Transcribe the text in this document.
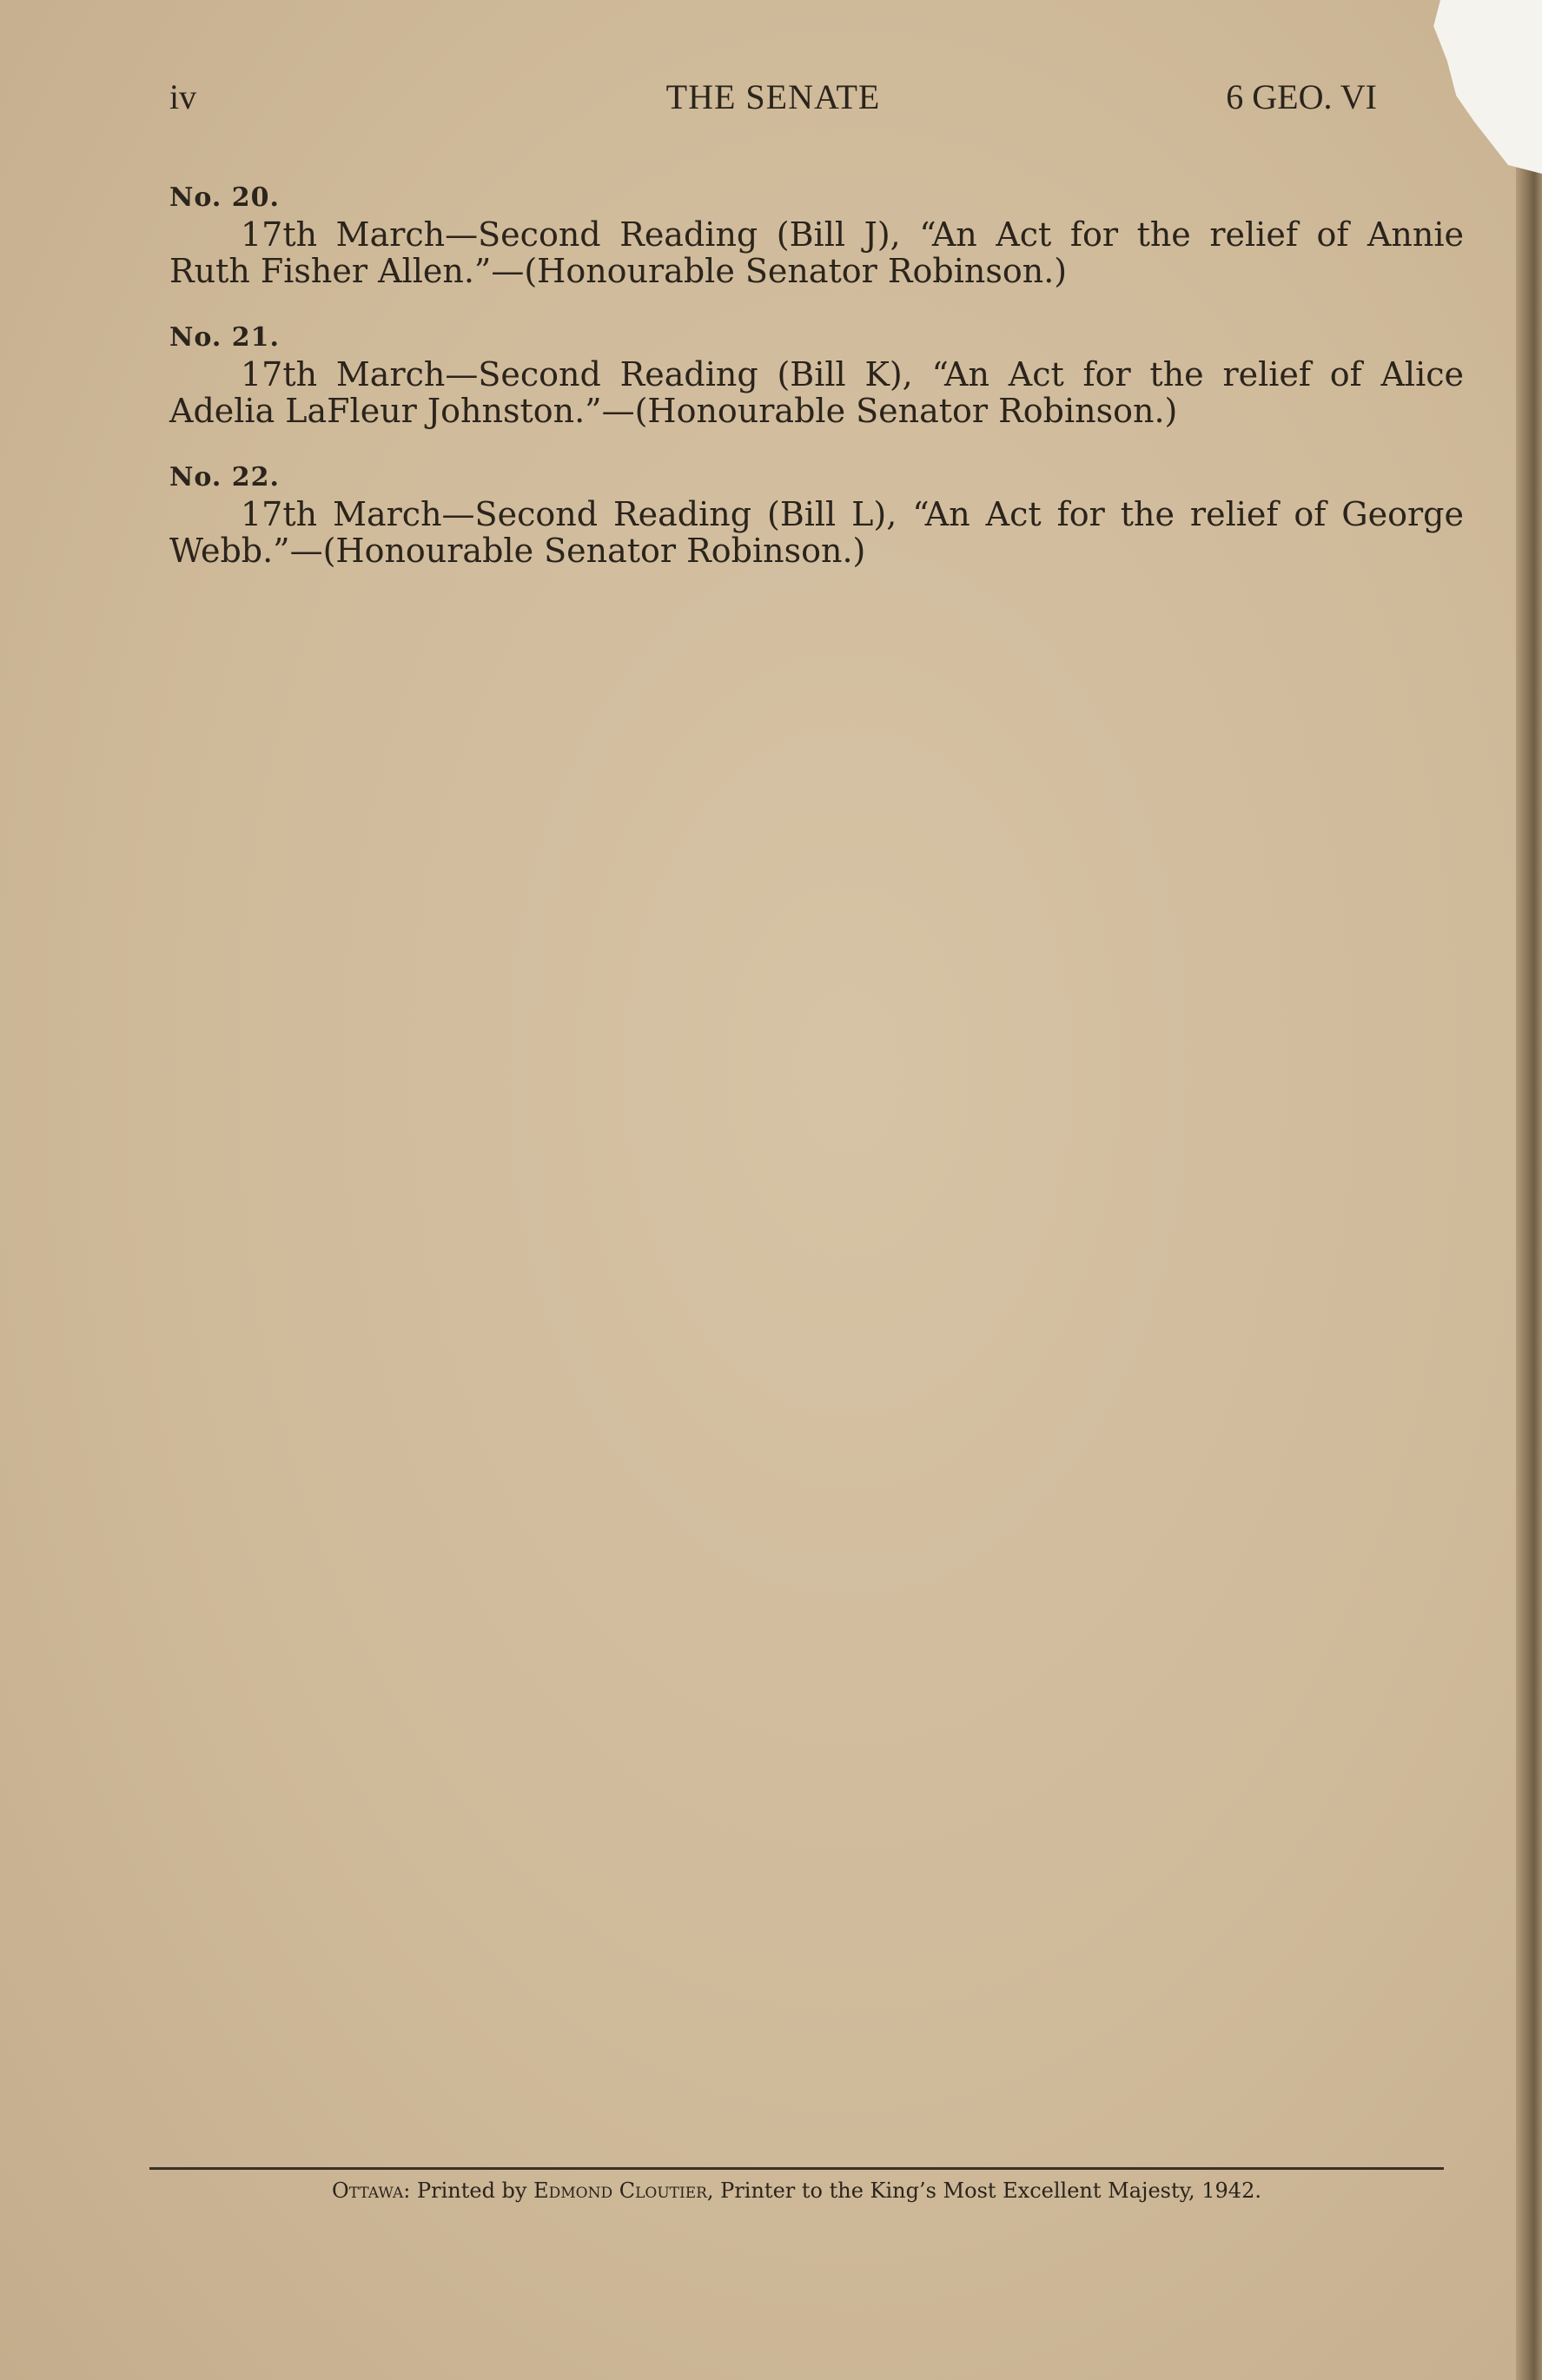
iv	THE SENATE	6 GEO. VI

No. 20.

17th March—Second Reading (Bill J), “An Act for the relief of Annie Ruth Fisher Allen.”—(Honourable Senator Robinson.)

No. 21.

17th March—Second Reading (Bill K), “An Act for the relief of Alice Adelia LaFleur Johnston.”—(Honourable Senator Robinson.)

No. 22.

17th March—Second Reading (Bill L), “An Act for the relief of George Webb.”—(Honourable Senator Robinson.)

Ottawa: Printed by Edmond Cloutier, Printer to the King’s Most Excellent Majesty, 1942.
